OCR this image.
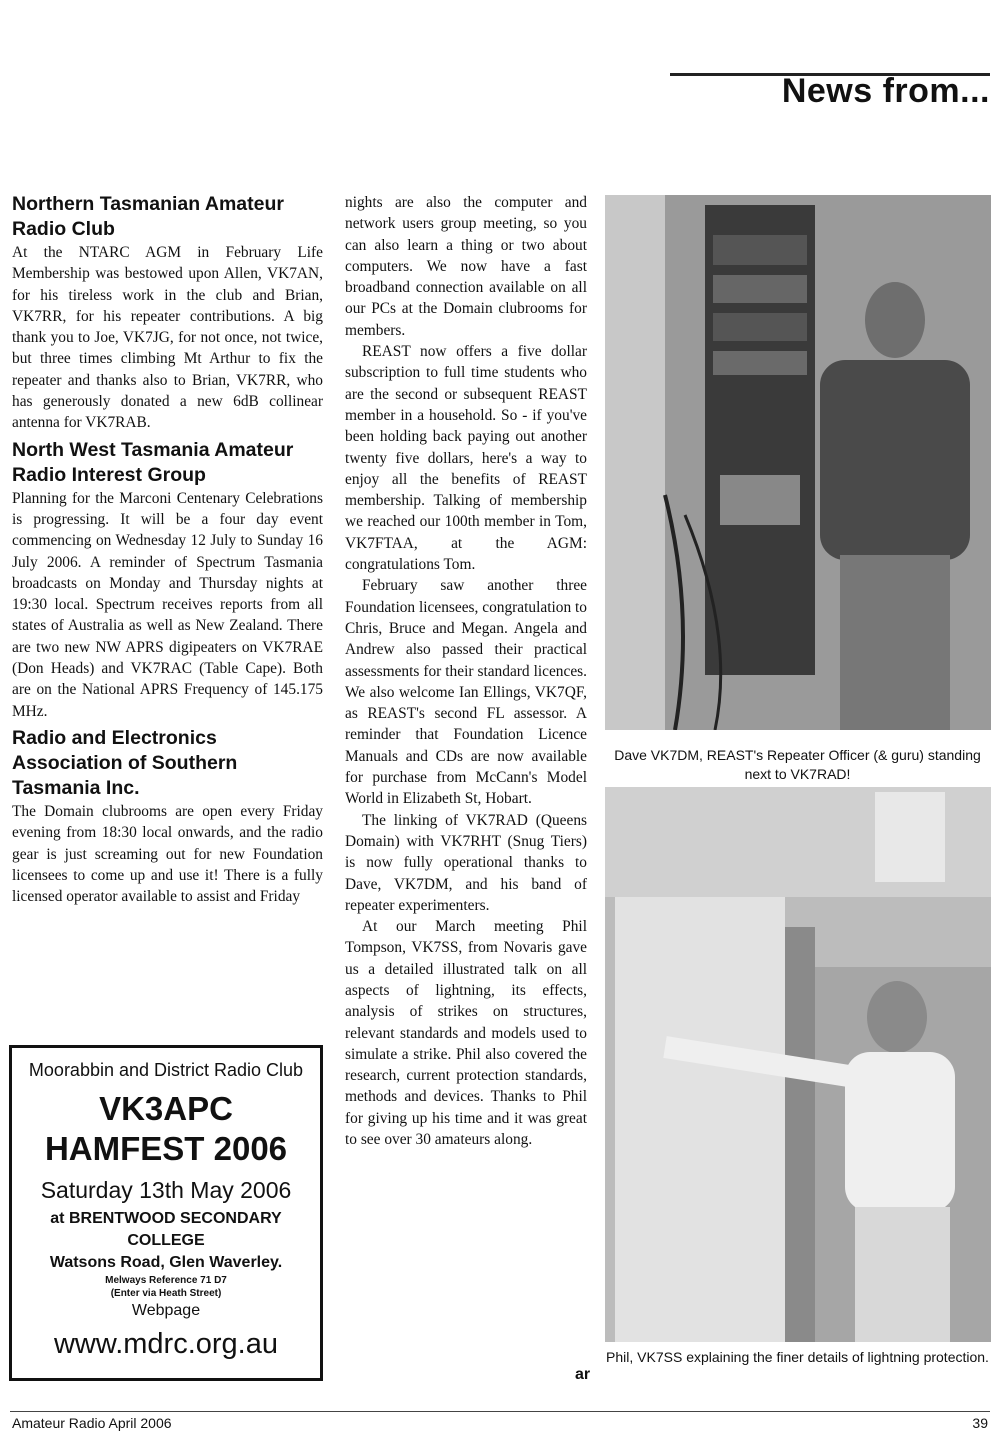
News from...
Northern Tasmanian Amateur Radio Club

At the NTARC AGM in February Life Membership was bestowed upon Allen, VK7AN, for his tireless work in the club and Brian, VK7RR, for his repeater contributions. A big thank you to Joe, VK7JG, for not once, not twice, but three times climbing Mt Arthur to fix the repeater and thanks also to Brian, VK7RR, who has generously donated a new 6dB collinear antenna for VK7RAB.

North West Tasmania Amateur Radio Interest Group

Planning for the Marconi Centenary Celebrations is progressing. It will be a four day event commencing on Wednesday 12 July to Sunday 16 July 2006. A reminder of Spectrum Tasmania broadcasts on Monday and Thursday nights at 19:30 local. Spectrum receives reports from all states of Australia as well as New Zealand. There are two new NW APRS digipeaters on VK7RAE (Don Heads) and VK7RAC (Table Cape). Both are on the National APRS Frequency of 145.175 MHz.

Radio and Electronics Association of Southern Tasmania Inc.

The Domain clubrooms are open every Friday evening from 18:30 local onwards, and the radio gear is just screaming out for new Foundation licensees to come up and use it! There is a fully licensed operator available to assist and Friday

Moorabbin and District Radio Club
VK3APC
HAMFEST 2006
Saturday 13th May 2006
at BRENTWOOD SECONDARY
COLLEGE
Watsons Road, Glen Waverley.
Melways Reference 71 D7
(Enter via Heath Street)
Webpage
www.mdrc.org.au

nights are also the computer and network users group meeting, so you can also learn a thing or two about computers. We now have a fast broadband connection available on all our PCs at the Domain clubrooms for members.

REAST now offers a five dollar subscription to full time students who are the second or subsequent REAST member in a household. So - if you've been holding back paying out another twenty five dollars, here's a way to enjoy all the benefits of REAST membership. Talking of membership we reached our 100th member in Tom, VK7FTAA, at the AGM: congratulations Tom.

February saw another three Foundation licensees, congratulation to Chris, Bruce and Megan. Angela and Andrew also passed their practical assessments for their standard licences. We also welcome Ian Ellings, VK7QF, as REAST's second FL assessor. A reminder that Foundation Licence Manuals and CDs are now available for purchase from McCann's Model World in Elizabeth St, Hobart.

The linking of VK7RAD (Queens Domain) with VK7RHT (Snug Tiers) is now fully operational thanks to Dave, VK7DM, and his band of repeater experimenters.

At our March meeting Phil Tompson, VK7SS, from Novaris gave us a detailed illustrated talk on all aspects of lightning, its effects, analysis of strikes on structures, relevant standards and models used to simulate a strike. Phil also covered the research, current protection standards, methods and devices. Thanks to Phil for giving up his time and it was great to see over 30 amateurs along.

ar
Dave VK7DM, REAST's Repeater Officer (& guru) standing next to VK7RAD!
Phil, VK7SS explaining the finer details of lightning protection.
Amateur Radio April 2006	39
